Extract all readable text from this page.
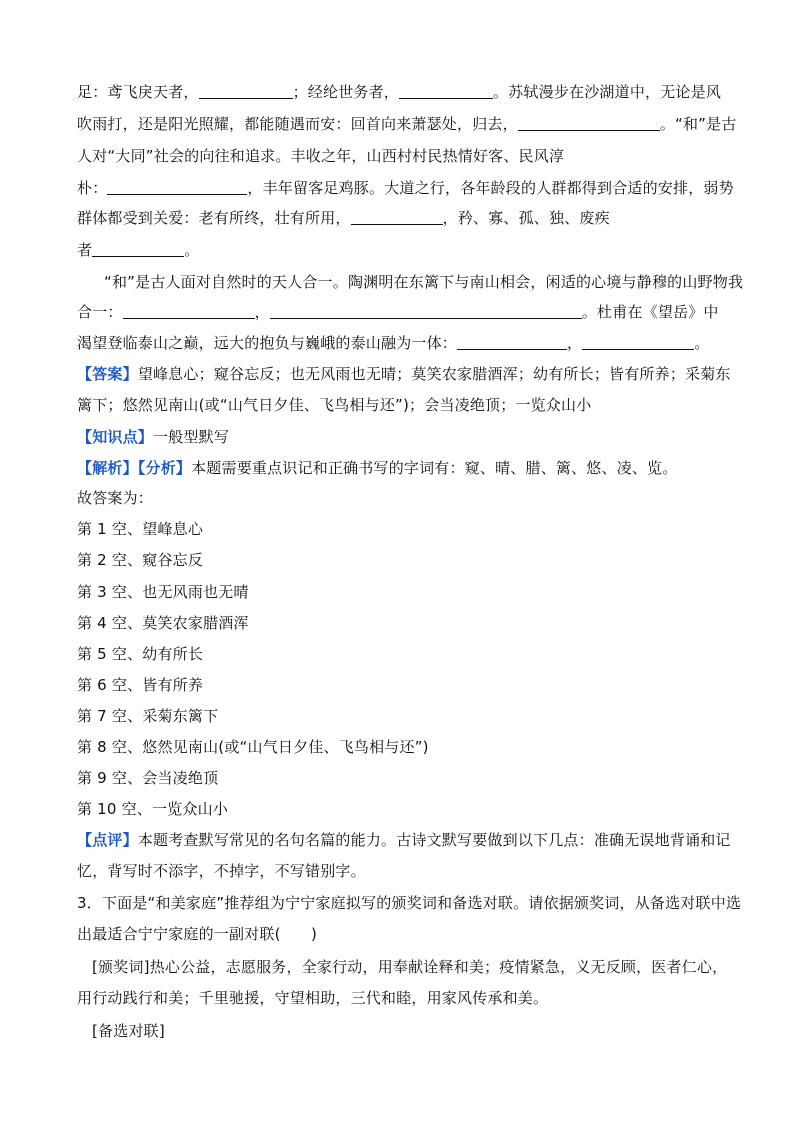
足：鸢飞戾天者，	；经纶世务者，	。苏轼漫步在沙湖道中，无论是风
吹雨打，还是阳光照耀，都能随遇而安：回首向来萧瑟处，归去，	。“和”是古
人对“大同”社会的向往和追求。丰收之年，山西村村民热情好客、民风淳
朴：	，丰年留客足鸡豚。大道之行，各年龄段的人群都得到合适的安排，弱势
群体都受到关爱：老有所终，壮有所用，	，矜、寡、孤、独、废疾
者	。
“和”是古人面对自然时的天人合一。陶渊明在东篱下与南山相会，闲适的心境与静穆的山野物我
合一：	，	。杜甫在《望岳》中
渴望登临泰山之巅，远大的抱负与巍峨的泰山融为一体：	，	。
【答案】望峰息心；窥谷忘反；也无风雨也无晴；莫笑农家腊酒浑；幼有所长；皆有所养；采菊东
篱下；悠然见南山(或“山气日夕佳、飞鸟相与还”)；会当凌绝顶；一览众山小
【知识点】一般型默写
【解析】【分析】本题需要重点识记和正确书写的字词有：窥、晴、腊、篱、悠、凌、览。
故答案为：
第 1 空、望峰息心
第 2 空、窥谷忘反
第 3 空、也无风雨也无晴
第 4 空、莫笑农家腊酒浑
第 5 空、幼有所长
第 6 空、皆有所养
第 7 空、采菊东篱下
第 8 空、悠然见南山(或“山气日夕佳、飞鸟相与还”)
第 9 空、会当凌绝顶
第 10 空、一览众山小
【点评】本题考查默写常见的名句名篇的能力。古诗文默写要做到以下几点：准确无误地背诵和记
忆，背写时不添字，不掉字，不写错别字。
3．下面是“和美家庭”推荐组为宁宁家庭拟写的颁奖词和备选对联。请依据颁奖词，从备选对联中选
出最适合宁宁家庭的一副对联(　　)
[颁奖词]热心公益，志愿服务，全家行动，用奉献诠释和美；疫情紧急，义无反顾，医者仁心，
用行动践行和美；千里驰援，守望相助，三代和睦，用家风传承和美。
[备选对联]
